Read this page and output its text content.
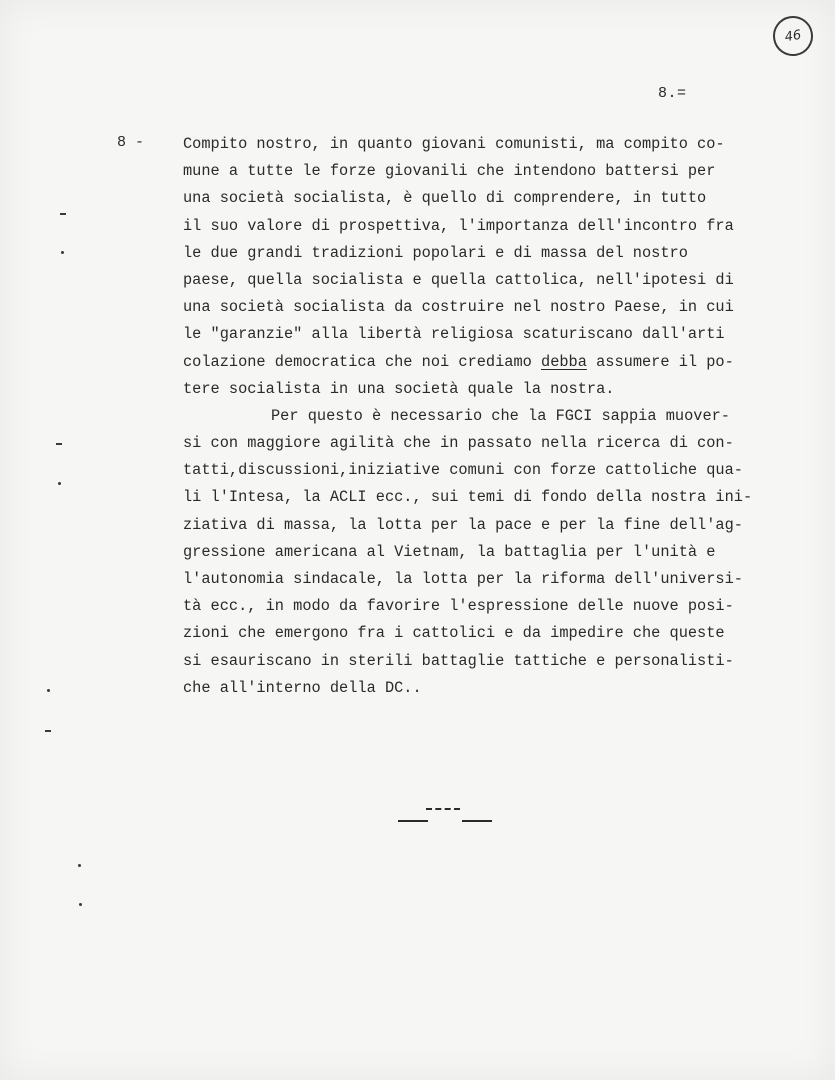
46
8.=
8 -	Compito nostro, in quanto giovani comunisti, ma compito co-
mune a tutte le forze giovanili che intendono battersi per
una società socialista, è quello di comprendere, in tutto
il suo valore di prospettiva, l'importanza dell'incontro fra
le due grandi tradizioni popolari e di massa del nostro
paese, quella socialista e quella cattolica, nell'ipotesi di
una società socialista da costruire nel nostro Paese, in cui
le "garanzie" alla libertà religiosa scaturiscano dall'arti
colazione democratica che noi crediamo debba assumere il po-
tere socialista in una società quale la nostra.
Per questo è necessario che la FGCI sappia muover-
si con maggiore agilità che in passato nella ricerca di con-
tatti,discussioni,iniziative comuni con forze cattoliche qua-
li l'Intesa, la ACLI ecc., sui temi di fondo della nostra ini-
ziativa di massa, la lotta per la pace e per la fine dell'ag-
gressione americana al Vietnam, la battaglia per l'unità e
l'autonomia sindacale, la lotta per la riforma dell'universi-
tà ecc., in modo da favorire l'espressione delle nuove posi-
zioni che emergono fra i cattolici e da impedire che queste
si esauriscano in sterili battaglie tattiche e personalisti-
che all'interno della DC..
